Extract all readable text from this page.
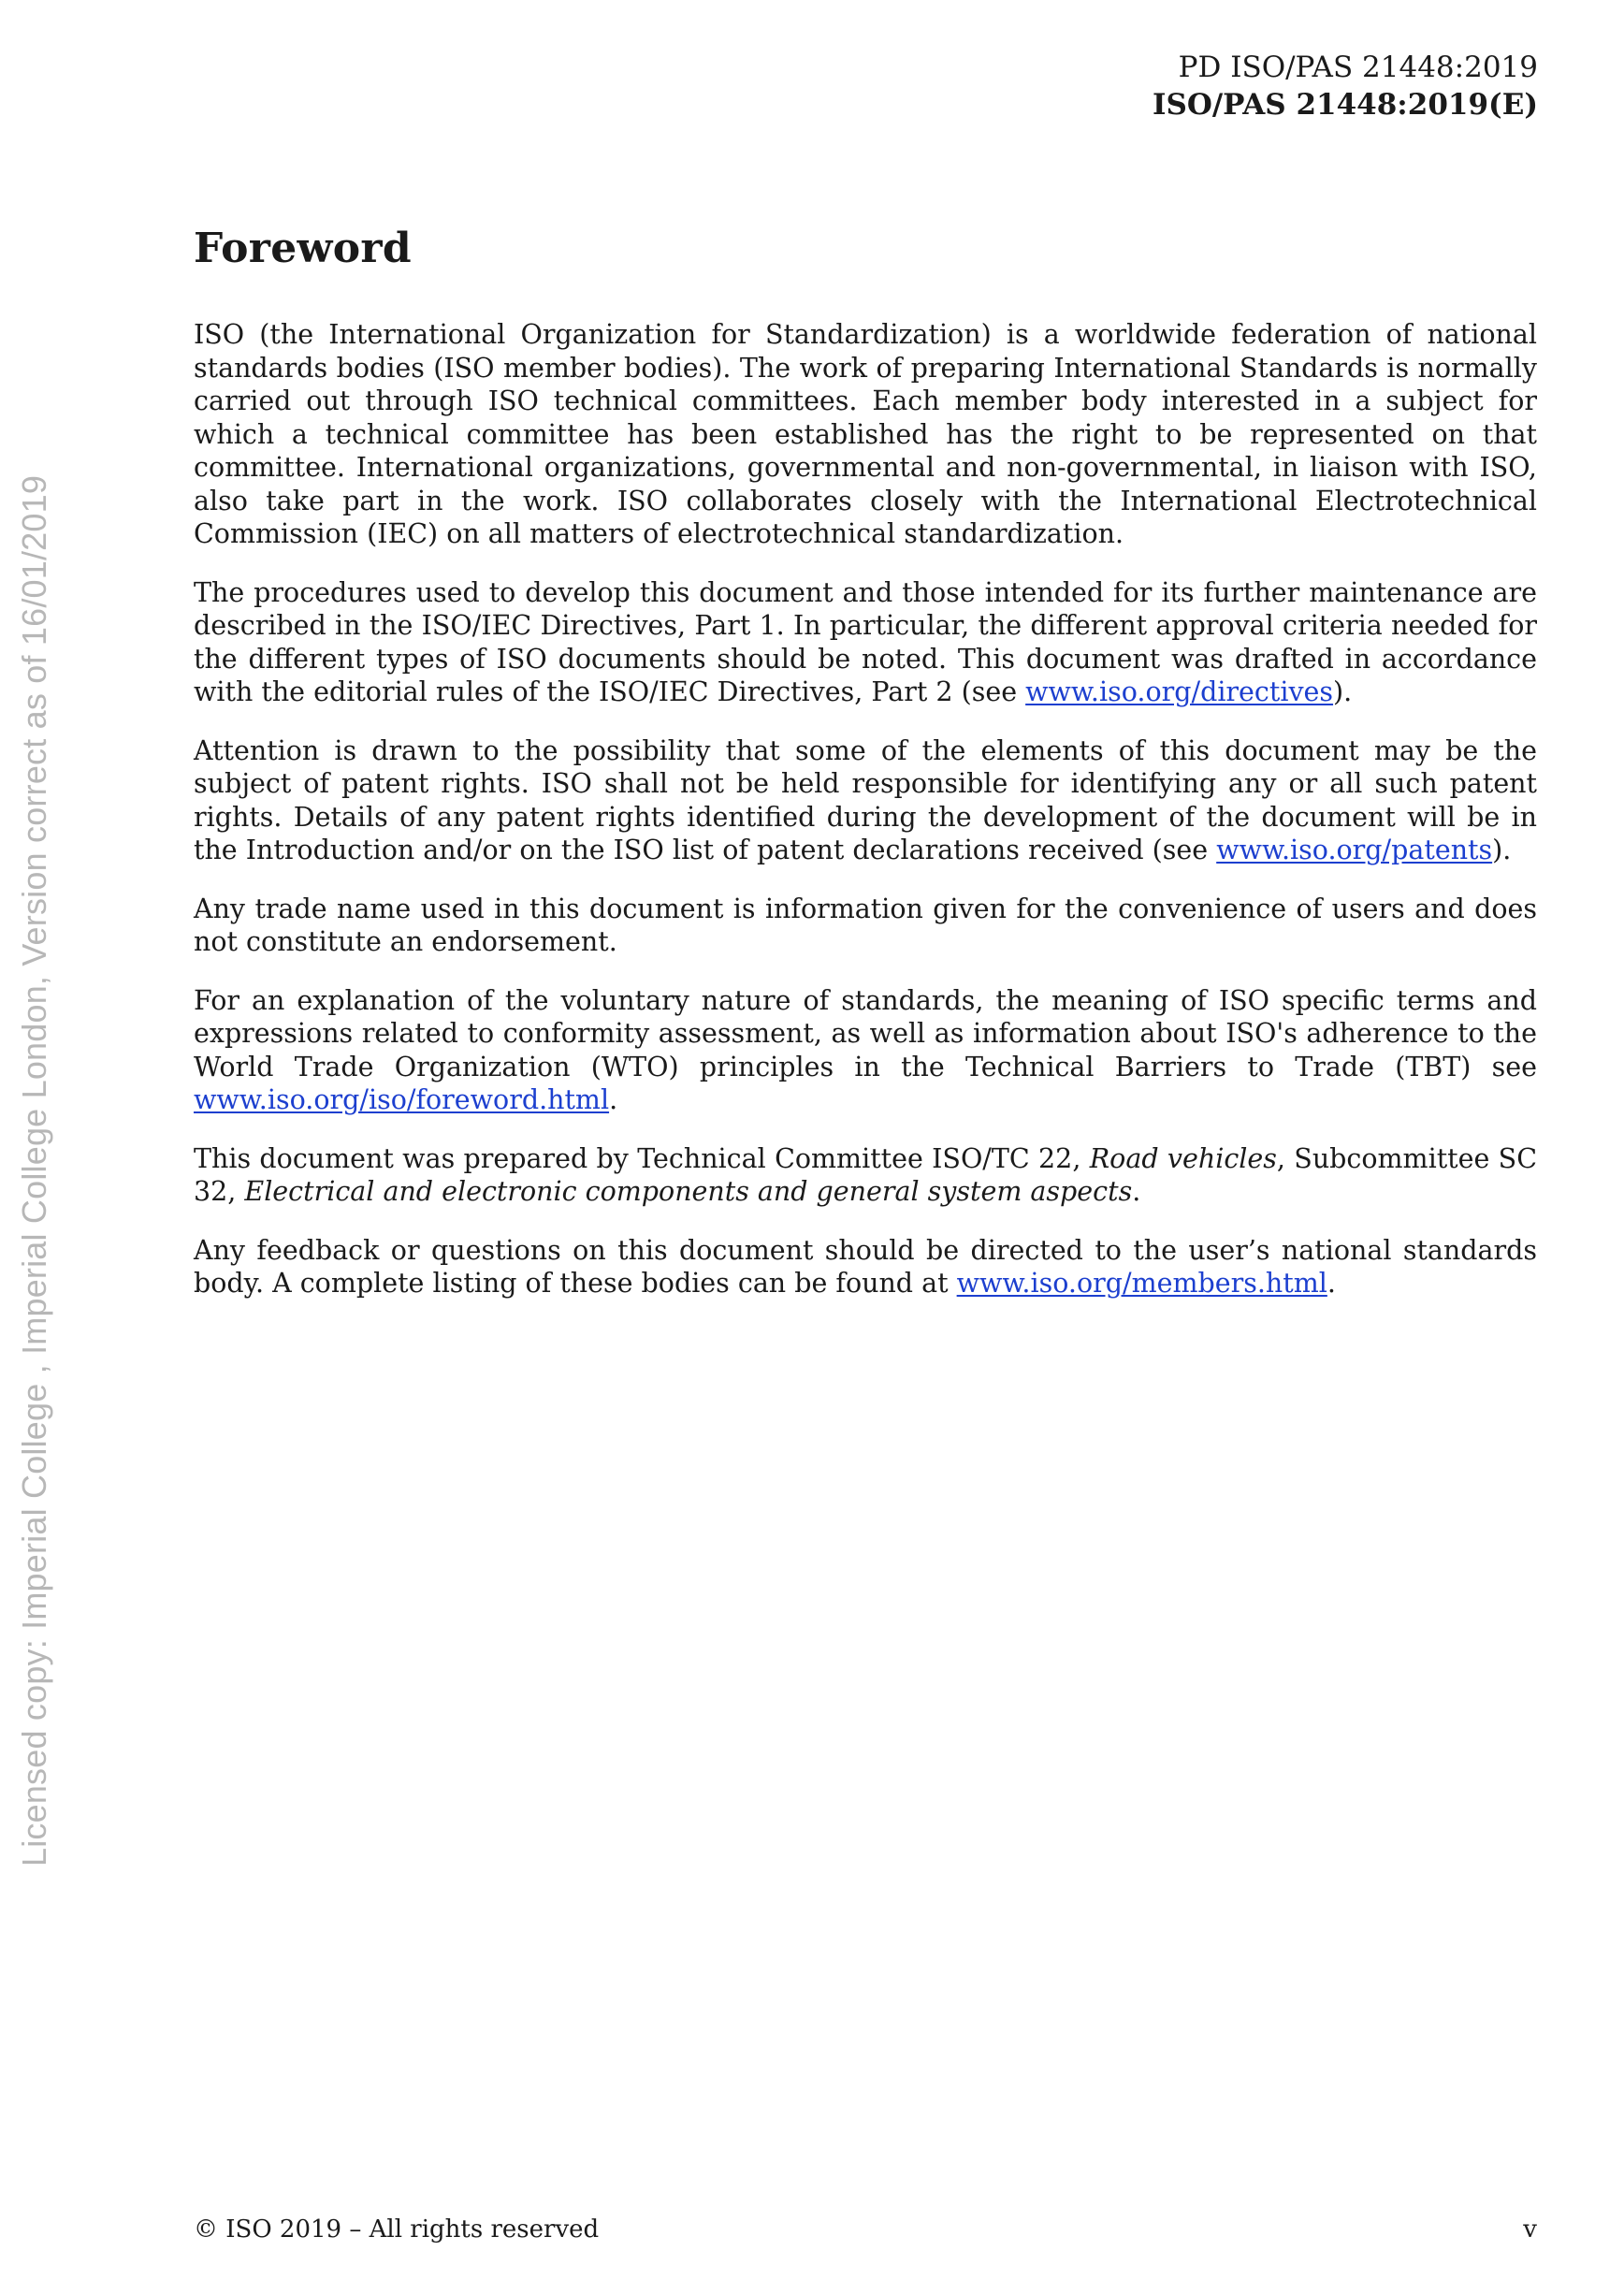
PD ISO/PAS 21448:2019
ISO/PAS 21448:2019(E)
Licensed copy: Imperial College , Imperial College London, Version correct as of 16/01/2019
Foreword

ISO (the International Organization for Standardization) is a worldwide federation of national standards bodies (ISO member bodies). The work of preparing International Standards is normally carried out through ISO technical committees. Each member body interested in a subject for which a technical committee has been established has the right to be represented on that committee. International organizations, governmental and non-governmental, in liaison with ISO, also take part in the work. ISO collaborates closely with the International Electrotechnical Commission (IEC) on all matters of electrotechnical standardization.

The procedures used to develop this document and those intended for its further maintenance are described in the ISO/IEC Directives, Part 1. In particular, the different approval criteria needed for the different types of ISO documents should be noted. This document was drafted in accordance with the editorial rules of the ISO/IEC Directives, Part 2 (see www.iso.org/directives).

Attention is drawn to the possibility that some of the elements of this document may be the subject of patent rights. ISO shall not be held responsible for identifying any or all such patent rights. Details of any patent rights identified during the development of the document will be in the Introduction and/or on the ISO list of patent declarations received (see www.iso.org/patents).

Any trade name used in this document is information given for the convenience of users and does not constitute an endorsement.

For an explanation of the voluntary nature of standards, the meaning of ISO specific terms and expressions related to conformity assessment, as well as information about ISO's adherence to the World Trade Organization (WTO) principles in the Technical Barriers to Trade (TBT) see www.iso.org/iso/foreword.html.

This document was prepared by Technical Committee ISO/TC 22, Road vehicles, Subcommittee SC 32, Electrical and electronic components and general system aspects.

Any feedback or questions on this document should be directed to the user’s national standards body. A complete listing of these bodies can be found at www.iso.org/members.html.

© ISO 2019 – All rights reserved	v
